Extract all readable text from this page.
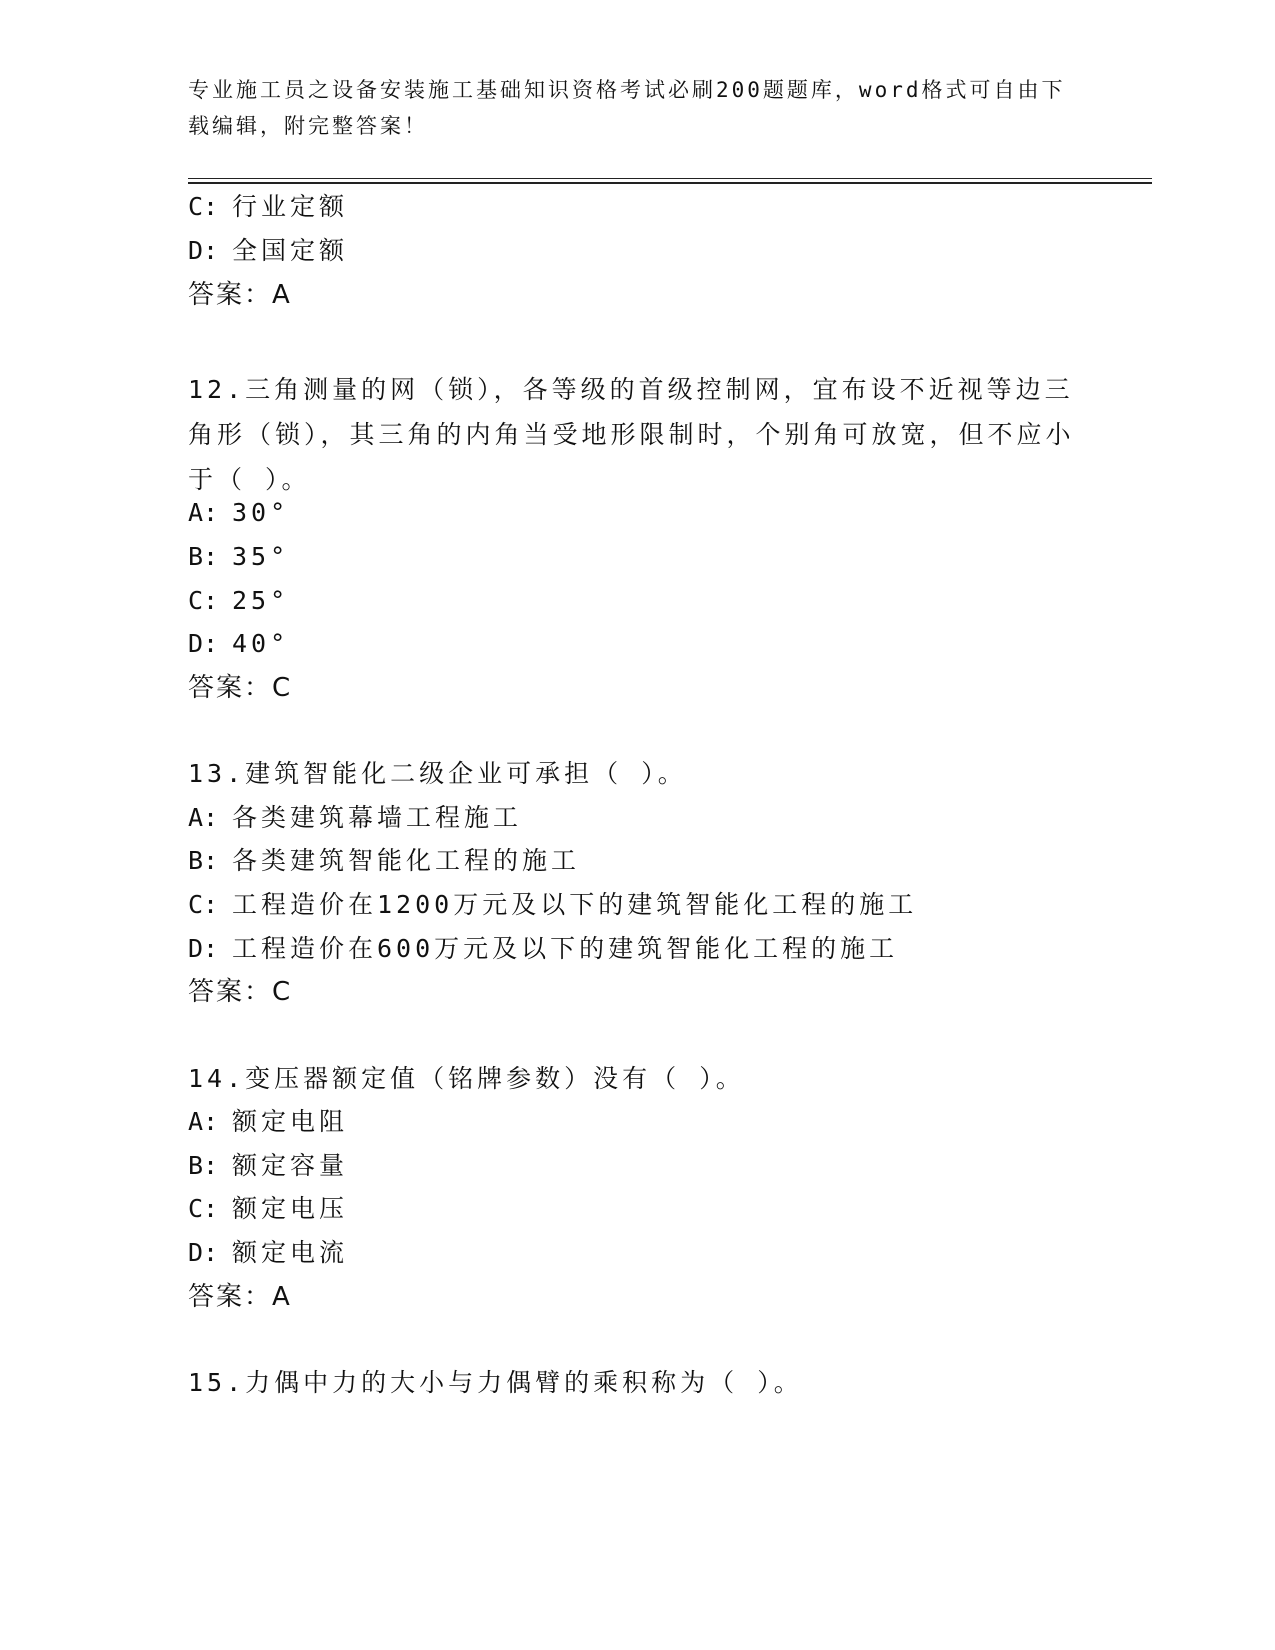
专业施工员之设备安装施工基础知识资格考试必刷200题题库，word格式可自由下载编辑，附完整答案！
C: 行业定额
D: 全国定额
答案：A
12.三角测量的网（锁），各等级的首级控制网，宜布设不近视等边三角形（锁），其三角的内角当受地形限制时，个别角可放宽，但不应小于（ ）。
A: 30°
B: 35°
C: 25°
D: 40°
答案：C
13.建筑智能化二级企业可承担（ ）。
A: 各类建筑幕墙工程施工
B: 各类建筑智能化工程的施工
C: 工程造价在1200万元及以下的建筑智能化工程的施工
D: 工程造价在600万元及以下的建筑智能化工程的施工
答案：C
14.变压器额定值（铭牌参数）没有（ ）。
A: 额定电阻
B: 额定容量
C: 额定电压
D: 额定电流
答案：A
15.力偶中力的大小与力偶臂的乘积称为（ ）。
